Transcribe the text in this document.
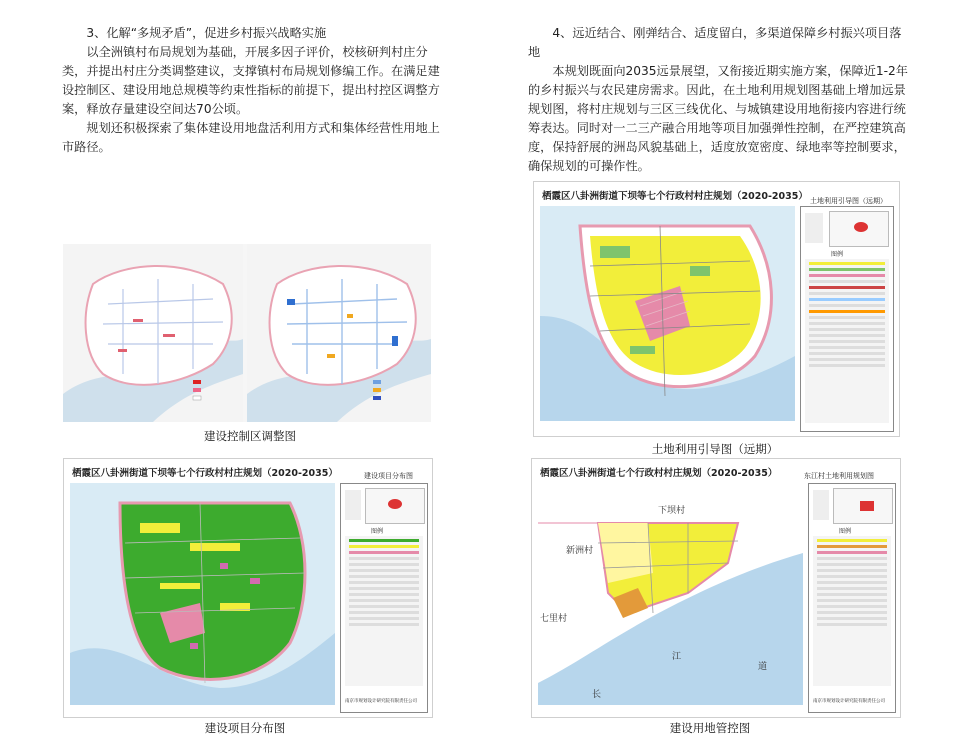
3、化解“多规矛盾”，促进乡村振兴战略实施

以全洲镇村布局规划为基础，开展多因子评价，校核研判村庄分类，并提出村庄分类调整建议，支撑镇村布局规划修编工作。在满足建设控制区、建设用地总规模等约束性指标的前提下，提出村控区调整方案，释放存量建设空间达70公顷。

规划还积极探索了集体建设用地盘活利用方式和集体经营性用地上市路径。

4、远近结合、刚弹结合、适度留白，多渠道保障乡村振兴项目落地

本规划既面向2035远景展望，又衔接近期实施方案，保障近1-2年的乡村振兴与农民建房需求。因此，在土地利用规划图基础上增加远景规划图，将村庄规划与三区三线优化、与城镇建设用地衔接内容进行统筹表达。同时对一二三产融合用地等项目加强弹性控制，在严控建筑高度，保持舒展的洲岛风貌基础上，适度放宽密度、绿地率等控制要求，确保规划的可操作性。

建设控制区调整图
栖霞区八卦洲街道下坝等七个行政村村庄规划（2020-2035） 土地利用引导图（远期）
图例
土地利用引导图（远期）
栖霞区八卦洲街道下坝等七个行政村村庄规划（2020-2035）	建设项目分布图
图例
南京市规划设计研究院有限责任公司
建设项目分布图
栖霞区八卦洲街道七个行政村村庄规划（2020-2035）	东江村土地利用规划图
下坝村
新洲村
七里村
江
长
道
图例
南京市规划设计研究院有限责任公司
建设用地管控图
